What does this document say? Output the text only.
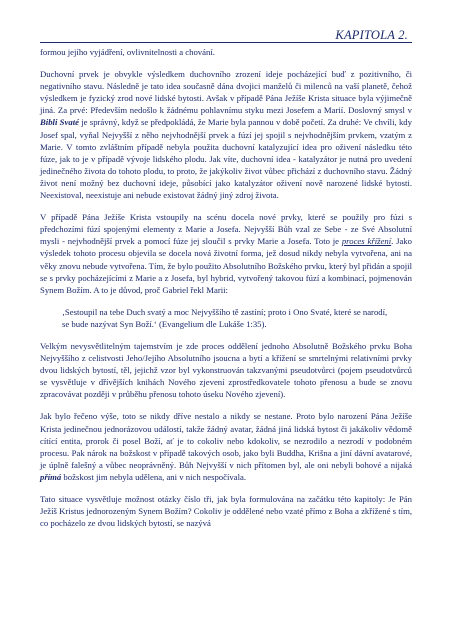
KAPITOLA 2.

formou jejího vyjádření, ovlivnitelnosti a chování.

Duchovní prvek je obvykle výsledkem duchovního zrození ideje pocházející buď z pozitivního, či negativního stavu. Následně je tato idea současně dána dvojici manželů či milenců na vaší planetě, čehož výsledkem je fyzický zrod nové lidské bytosti. Avšak v případě Pána Ježíše Krista situace byla výjimečně jiná. Za prvé: Především nedošlo k žádnému pohlavnímu styku mezi Josefem a Marií. Doslovný smysl v Bibli Svaté je správný, když se předpokládá, že Marie byla pannou v době početí. Za druhé: Ve chvíli, kdy Josef spal, vyňal Nejvyšší z něho nejvhodnější prvek a fúzí jej spojil s nejvhodnějším prvkem, vzatým z Marie. V tomto zvláštním případě nebyla použita duchovní katalyzující idea pro oživení následku této fúze, jak to je v případě vývoje lidského plodu. Jak víte, duchovní idea - katalyzátor je nutná pro uvedení jedinečného života do tohoto plodu, to proto, že jakýkoliv život vůbec přichází z duchovního stavu. Žádný život není možný bez duchovní ideje, působící jako katalyzátor oživení nově narozené lidské bytosti. Neexistoval, neexistuje ani nebude existovat žádný jiný zdroj života.

V případě Pána Ježíše Krista vstoupily na scénu docela nové prvky, které se použily pro fúzi s předchozími fúzí spojenými elementy z Marie a Josefa. Nejvyšší Bůh vzal ze Sebe - ze Své Absolutní mysli - nejvhodnější prvek a pomocí fúze jej sloučil s prvky Marie a Josefa. Toto je proces křížení. Jako výsledek tohoto procesu objevila se docela nová životní forma, jež dosud nikdy nebyla vytvořena, ani na věky znovu nebude vytvořena. Tím, že bylo použito Absolutního Božského prvku, který byl přidán a spojil se s prvky pocházejícími z Marie a z Josefa, byl hybrid, vytvořený takovou fúzí a kombinací, pojmenován Synem Božím. A to je důvod, proč Gabriel řekl Marii:

‚Sestoupil na tebe Duch svatý a moc Nejvyššího tě zastíní; proto i Ono Svaté, které se narodí, se bude nazývat Syn Boží.‘ (Evangelium dle Lukáše 1:35).

Velkým nevysvětlitelným tajemstvím je zde proces oddělení jednoho Absolutně Božského prvku Boha Nejvyššího z celistvosti Jeho/Jejího Absolutního jsoucna a bytí a křížení se smrtelnými relativními prvky dvou lidských bytostí, těl, jejichž vzor byl vykonstruován takzvanými pseudotvůrci (pojem pseudotvůrců se vysvětluje v dřívějších knihách Nového zjevení zprostředkovatele tohoto přenosu a bude se znovu zpracovávat později v průběhu přenosu tohoto úseku Nového zjevení).

Jak bylo řečeno výše, toto se nikdy dříve nestalo a nikdy se nestane. Proto bylo narození Pána Ježíše Krista jedinečnou jednorázovou událostí, takže žádný avatar, žádná jiná lidská bytost či jakákoliv vědomě cítící entita, prorok či posel Boží, ať je to cokoliv nebo kdokoliv, se nezrodilo a nezrodí v podobném procesu. Pak nárok na božskost v případě takových osob, jako byli Buddha, Krišna a jiní dávní avatarové, je úplně falešný a vůbec neoprávněný. Bůh Nejvyšší v nich přítomen byl, ale oni nebyli bohové a nijaká přímá božskost jim nebyla udělena, ani v nich nespočívala.

Tato situace vysvětluje možnost otázky číslo tři, jak byla formulována na začátku této kapitoly: Je Pán Ježíš Kristus jednorozeným Synem Božím? Cokoliv je oddělené nebo vzaté přímo z Boha a zkřížené s tím, co pocházelo ze dvou lidských bytostí, se nazývá
